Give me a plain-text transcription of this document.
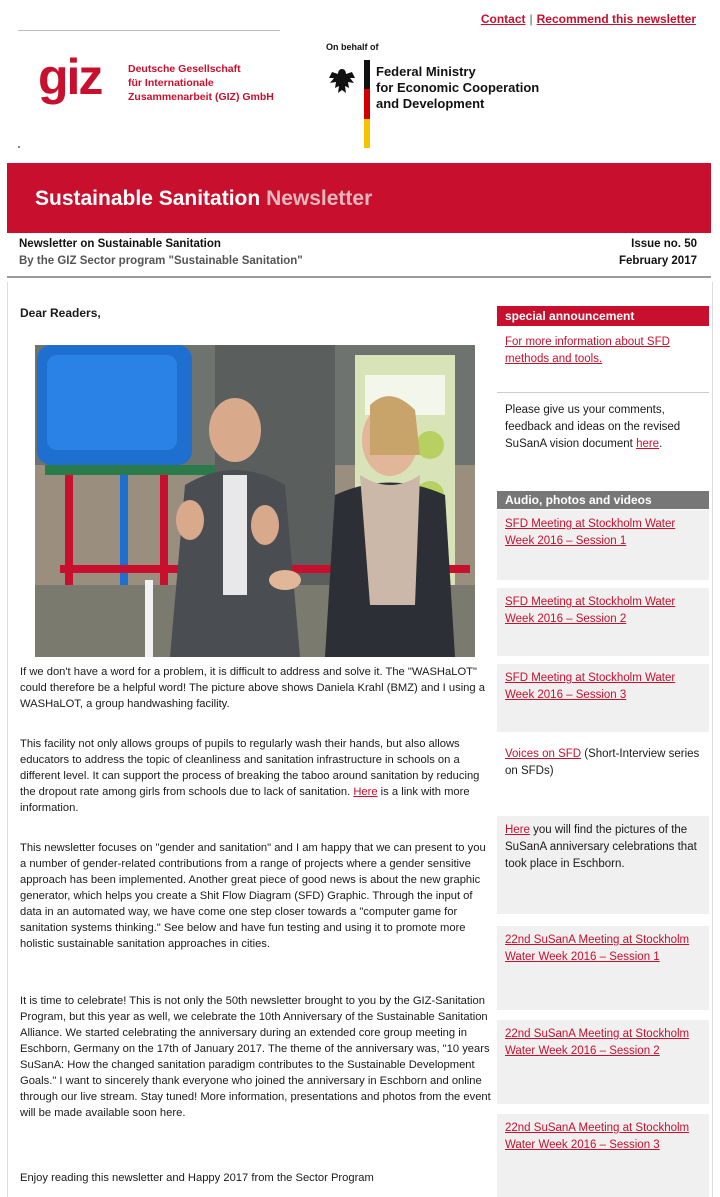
Contact | Recommend this newsletter
giz	Deutsche Gesellschaft
für Internationale
Zusammenarbeit (GIZ) GmbH
On behalf of
Federal Ministry
for Economic Cooperation
and Development
Sustainable Sanitation Newsletter
Newsletter on Sustainable Sanitation
By the GIZ Sector program "Sustainable Sanitation"
Issue no. 50
February 2017
Dear Readers,
If we don't have a word for a problem, it is difficult to address and solve it. The "WASHaLOT" could therefore be a helpful word! The picture above shows Daniela Krahl (BMZ) and I using a WASHaLOT, a group handwashing facility.
This facility not only allows groups of pupils to regularly wash their hands, but also allows educators to address the topic of cleanliness and sanitation infrastructure in schools on a different level. It can support the process of breaking the taboo around sanitation by reducing the dropout rate among girls from schools due to lack of sanitation. Here is a link with more information.
This newsletter focuses on "gender and sanitation" and I am happy that we can present to you a number of gender-related contributions from a range of projects where a gender sensitive approach has been implemented. Another great piece of good news is about the new graphic generator, which helps you create a Shit Flow Diagram (SFD) Graphic. Through the input of data in an automated way, we have come one step closer towards a "computer game for sanitation systems thinking." See below and have fun testing and using it to promote more holistic sustainable sanitation approaches in cities.
It is time to celebrate! This is not only the 50th newsletter brought to you by the GIZ-Sanitation Program, but this year as well, we celebrate the 10th Anniversary of the Sustainable Sanitation Alliance. We started celebrating the anniversary during an extended core group meeting in Eschborn, Germany on the 17th of January 2017. The theme of the anniversary was, "10 years SuSanA: How the changed sanitation paradigm contributes to the Sustainable Development Goals." I want to sincerely thank everyone who joined the anniversary in Eschborn and online through our live stream. Stay tuned! More information, presentations and photos from the event will be made available soon here.
Enjoy reading this newsletter and Happy 2017 from the Sector Program
special announcement
For more information about SFD methods and tools.
Please give us your comments, feedback and ideas on the revised SuSanA vision document here.
Audio, photos and videos
SFD Meeting at Stockholm Water Week 2016 – Session 1
SFD Meeting at Stockholm Water Week 2016 – Session 2
SFD Meeting at Stockholm Water Week 2016 – Session 3
Voices on SFD (Short-Interview series on SFDs)
Here you will find the pictures of the SuSanA anniversary celebrations that took place in Eschborn.
22nd SuSanA Meeting at Stockholm Water Week 2016 – Session 1
22nd SuSanA Meeting at Stockholm Water Week 2016 – Session 2
22nd SuSanA Meeting at Stockholm Water Week 2016 – Session 3
